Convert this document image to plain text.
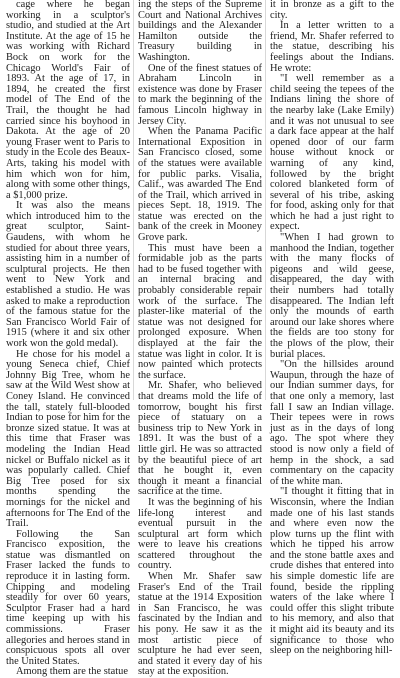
cage where he began working in a sculptor's studio, and studied at the Art Institute. At the age of 15 he was working with Richard Bock on work for the Chicago World's Fair of 1893. At the age of 17, in 1894, he created the first model of The End of the Trail, the thought he had carried since his boyhood in Dakota. At the age of 20 young Fraser went to Paris to study in the Ecole des Beaux-Arts, taking his model with him which won for him, along with some other things, a $1,000 prize.

It was also the means which introduced him to the great sculptor, Saint-Gaudens, with whom he studied for about three years, assisting him in a number of sculptural projects. He then went to New York and established a studio. He was asked to make a reproduction of the famous statue for the San Francisco World Fair of 1915 (where it and six other work won the gold medal).

He chose for his model a young Seneca chief, Chief Johnny Big Tree, whom he saw at the Wild West show at Coney Island. He convinced the tall, stately full-blooded Indian to pose for him for the bronze sized statue. It was at this time that Fraser was modeling the Indian Head nickel or Buffalo nickel as it was popularly called. Chief Big Tree posed for six months spending the mornings for the nickel and afternoons for The End of the Trail.

Following the San Francisco exposition, the statue was dismantled on Fraser lacked the funds to reproduce it in lasting form. Chipping and modeling steadily for over 60 years, Sculptor Fraser had a hard time keeping up with his commissions. Fraser allegories and heroes stand in conspicuous spots all over the United States.

Among them are the statue

ing the steps of the Supreme Court and National Archives buildings and the Alexander Hamilton outside the Treasury building in Washington.

One of the finest statues of Abraham Lincoln in existence was done by Fraser to mark the beginning of the famous Lincoln highway in Jersey City.

When the Panama Pacific International Exposition in San Francisco closed, some of the statues were available for public parks. Visalia, Calif., was awarded The End of the Trail, which arrived in pieces Sept. 18, 1919. The statue was erected on the bank of the creek in Mooney Grove park.

This must have been a formidable job as the parts had to be fused together with an internal bracing and probably considerable repair work of the surface. The plaster-like material of the statue was not designed for prolonged exposure. When displayed at the fair the statue was light in color. It is now painted which protects the surface.

Mr. Shafer, who believed that dreams mold the life of tomorrow, bought his first piece of statuary on a business trip to New York in 1891. It was the bust of a little girl. He was so attracted by the beautiful piece of art that he bought it, even though it meant a financial sacrifice at the time.

It was the beginning of his life-long interest and eventual pursuit in the sculptural art form which were to leave his creations scattered throughout the country.

When Mr. Shafer saw Fraser's End of the Trail statue at the 1914 Exposition in San Francisco, he was fascinated by the Indian and his pony. He saw it as the most artistic piece of sculpture he had ever seen, and stated it every day of his stay at the exposition.

it in bronze as a gift to the city.

In a letter written to a friend, Mr. Shafer referred to the statue, describing his feelings about the Indians. He wrote:

"I well remember as a child seeing the tepees of the Indians lining the shore of the nearby lake (Lake Emily) and it was not unusual to see a dark face appear at the half opened door of our farm house without knock or warning of any kind, followed by the bright colored blanketed form of several of his tribe, asking for food, asking only for that which he had a just right to expect.

"When I had grown to manhood the Indian, together with the many flocks of pigeons and wild geese, disappeared, the day with their numbers had totally disappeared. The Indian left only the mounds of earth around our lake shores where the fields are too stony for the plows of the plow, their burial places.

"On the hillsides around Waupun, through the haze of our Indian summer days, for that one only a memory, last fall I saw an Indian village. Their tepees were in rows just as in the days of long ago. The spot where they stood is now only a field of hemp in the shock, a sad commentary on the capacity of the white man.

"I thought it fitting that in Wisconsin, where the Indian made one of his last stands and where even now the plow turns up the flint with which he tipped his arrow and the stone battle axes and crude dishes that entered into his simple domestic life are found, beside the rippling waters of the lake where I could offer this slight tribute to his memory, and also that it might aid its beauty and its significance to those who sleep on the neighboring hill-
